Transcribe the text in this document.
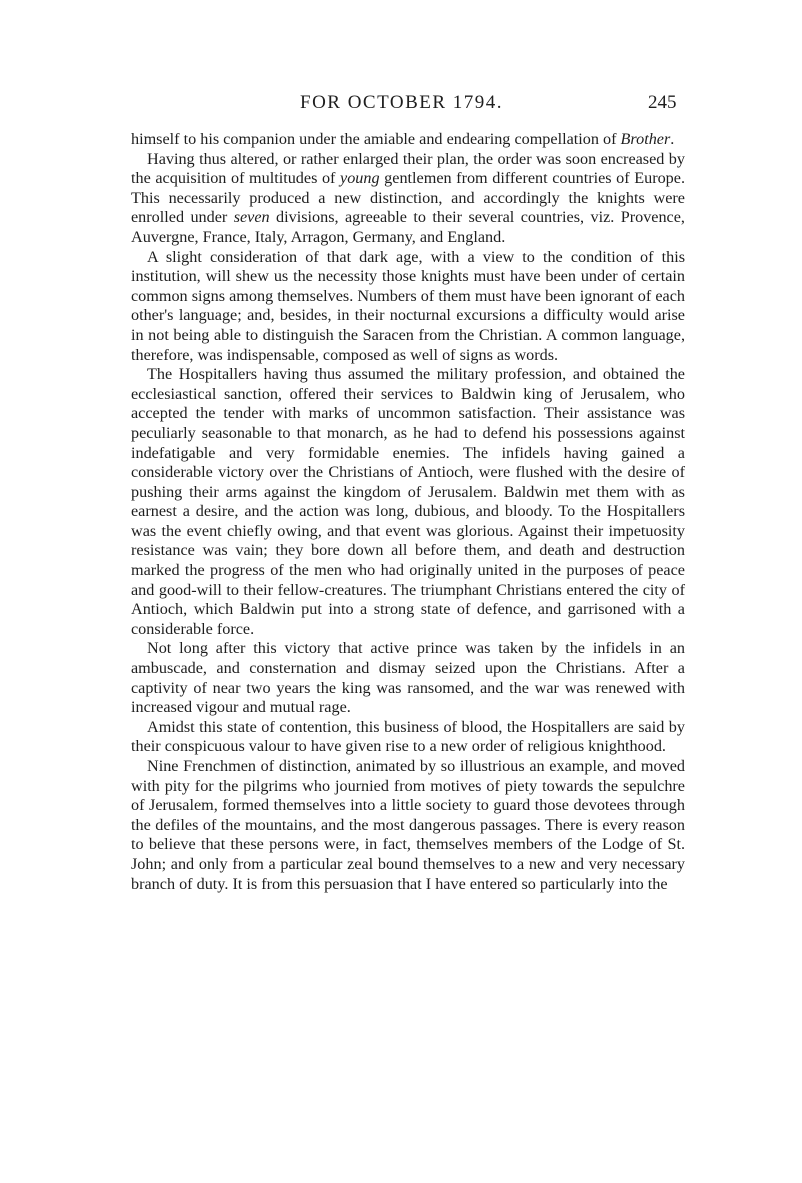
FOR OCTOBER 1794.	245

himself to his companion under the amiable and endearing compellation of Brother.

Having thus altered, or rather enlarged their plan, the order was soon encreased by the acquisition of multitudes of young gentlemen from different countries of Europe. This necessarily produced a new distinction, and accordingly the knights were enrolled under seven divisions, agreeable to their several countries, viz. Provence, Auvergne, France, Italy, Arragon, Germany, and England.

A slight consideration of that dark age, with a view to the condition of this institution, will shew us the necessity those knights must have been under of certain common signs among themselves. Numbers of them must have been ignorant of each other's language; and, besides, in their nocturnal excursions a difficulty would arise in not being able to distinguish the Saracen from the Christian. A common language, therefore, was indispensable, composed as well of signs as words.

The Hospitallers having thus assumed the military profession, and obtained the ecclesiastical sanction, offered their services to Baldwin king of Jerusalem, who accepted the tender with marks of uncommon satisfaction. Their assistance was peculiarly seasonable to that monarch, as he had to defend his possessions against indefatigable and very formidable enemies. The infidels having gained a considerable victory over the Christians of Antioch, were flushed with the desire of pushing their arms against the kingdom of Jerusalem. Baldwin met them with as earnest a desire, and the action was long, dubious, and bloody. To the Hospitallers was the event chiefly owing, and that event was glorious. Against their impetuosity resistance was vain; they bore down all before them, and death and destruction marked the progress of the men who had originally united in the purposes of peace and good-will to their fellow-creatures. The triumphant Christians entered the city of Antioch, which Baldwin put into a strong state of defence, and garrisoned with a considerable force.

Not long after this victory that active prince was taken by the infidels in an ambuscade, and consternation and dismay seized upon the Christians. After a captivity of near two years the king was ransomed, and the war was renewed with increased vigour and mutual rage.

Amidst this state of contention, this business of blood, the Hospitallers are said by their conspicuous valour to have given rise to a new order of religious knighthood.

Nine Frenchmen of distinction, animated by so illustrious an example, and moved with pity for the pilgrims who journied from motives of piety towards the sepulchre of Jerusalem, formed themselves into a little society to guard those devotees through the defiles of the mountains, and the most dangerous passages. There is every reason to believe that these persons were, in fact, themselves members of the Lodge of St. John; and only from a particular zeal bound themselves to a new and very necessary branch of duty. It is from this persuasion that I have entered so particularly into the
